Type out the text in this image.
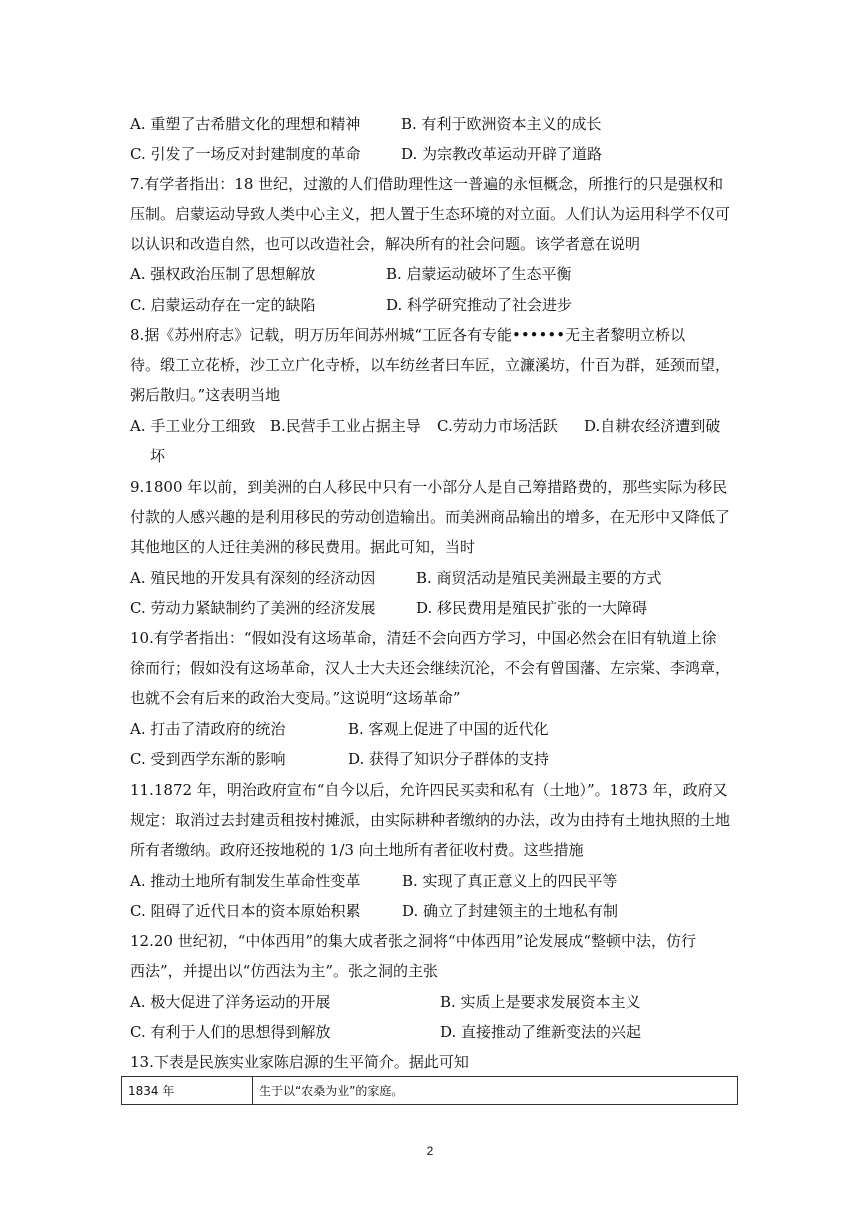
A. 重塑了古希腊文化的理想和精神	B. 有利于欧洲资本主义的成长
C. 引发了一场反对封建制度的革命	D. 为宗教改革运动开辟了道路
7.有学者指出：18 世纪，过激的人们借助理性这一普遍的永恒概念，所推行的只是强权和
压制。启蒙运动导致人类中心主义，把人置于生态环境的对立面。人们认为运用科学不仅可
以认识和改造自然，也可以改造社会，解决所有的社会问题。该学者意在说明
A. 强权政治压制了思想解放	B. 启蒙运动破坏了生态平衡
C. 启蒙运动存在一定的缺陷	D. 科学研究推动了社会进步
8.据《苏州府志》记载，明万历年间苏州城“工匠各有专能••••••无主者黎明立桥以
待。缎工立花桥，沙工立广化寺桥，以车纺丝者曰车匠，立濂溪坊，什百为群，延颈而望，
粥后散归。”这表明当地
A. 手工业分工细致 B.民营手工业占据主导 C.劳动力市场活跃 D.自耕农经济遭到破
坏
9.1800 年以前，到美洲的白人移民中只有一小部分人是自己筹措路费的，那些实际为移民
付款的人感兴趣的是利用移民的劳动创造输出。而美洲商品输出的增多，在无形中又降低了
其他地区的人迁往美洲的移民费用。据此可知，当时
A. 殖民地的开发具有深刻的经济动因	B. 商贸活动是殖民美洲最主要的方式
C. 劳动力紧缺制约了美洲的经济发展	D. 移民费用是殖民扩张的一大障碍
10.有学者指出：“假如没有这场革命，清廷不会向西方学习，中国必然会在旧有轨道上徐
徐而行；假如没有这场革命，汉人士大夫还会继续沉沦，不会有曾国藩、左宗棠、李鸿章，
也就不会有后来的政治大变局。”这说明“这场革命”
A. 打击了清政府的统治	B. 客观上促进了中国的近代化
C. 受到西学东渐的影响	D. 获得了知识分子群体的支持
11.1872 年，明治政府宣布“自今以后，允许四民买卖和私有（土地）”。1873 年，政府又
规定：取消过去封建贡租按村摊派，由实际耕种者缴纳的办法，改为由持有土地执照的土地
所有者缴纳。政府还按地税的 1/3 向土地所有者征收村费。这些措施
A. 推动土地所有制发生革命性变革	B. 实现了真正意义上的四民平等
C. 阻碍了近代日本的资本原始积累	D. 确立了封建领主的土地私有制
12.20 世纪初，“中体西用”的集大成者张之洞将“中体西用”论发展成“整顿中法，仿行
西法”，并提出以“仿西法为主”。张之洞的主张
A. 极大促进了洋务运动的开展	B. 实质上是要求发展资本主义
C. 有利于人们的思想得到解放	D. 直接推动了维新变法的兴起
13.下表是民族实业家陈启源的生平简介。据此可知
1834 年	生于以“农桑为业”的家庭。
2
